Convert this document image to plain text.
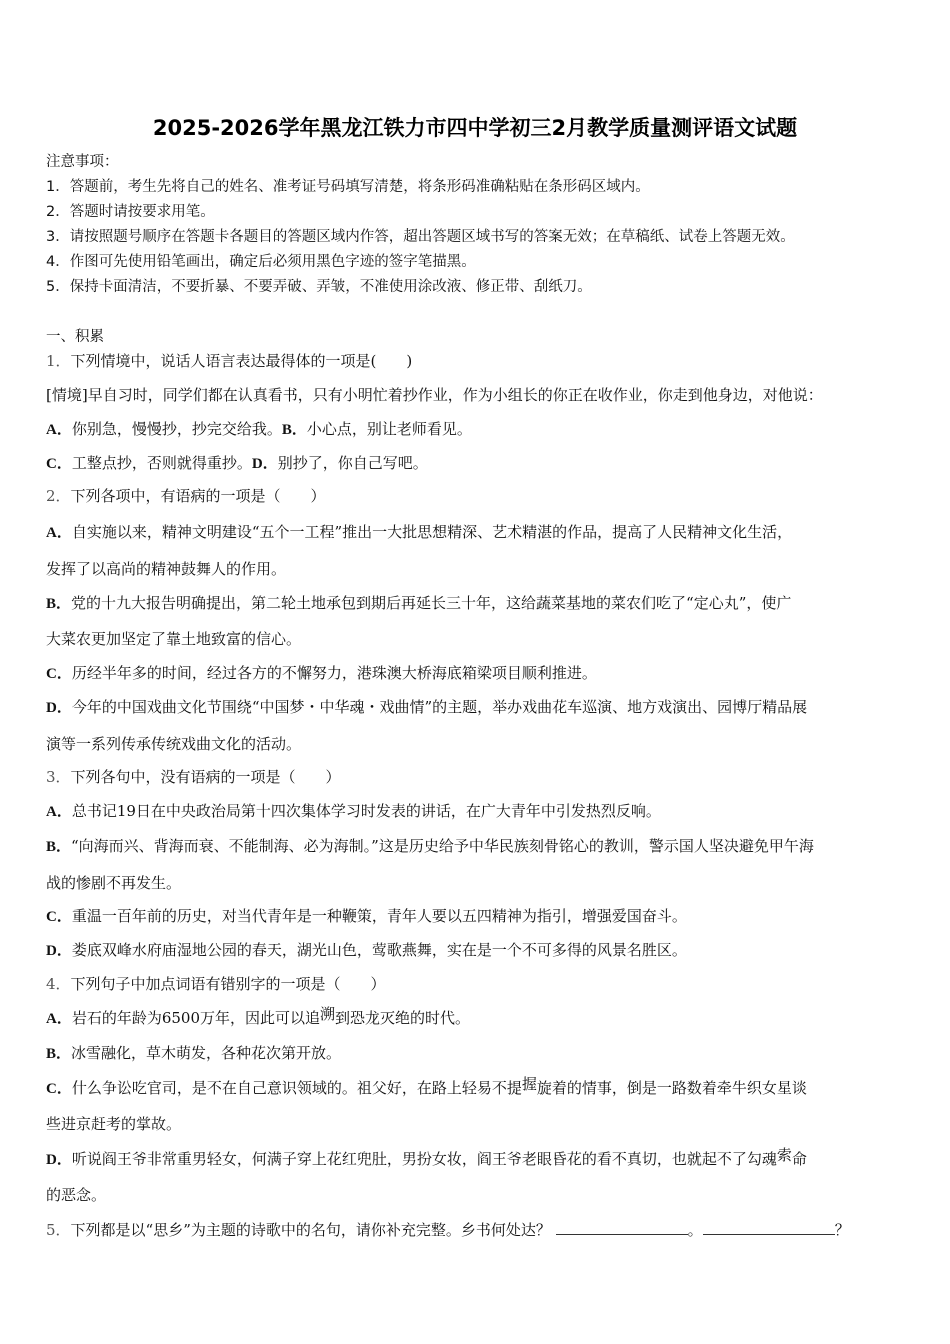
2025-2026学年黑龙江铁力市四中学初三2月教学质量测评语文试题
注意事项：
1．答题前，考生先将自己的姓名、准考证号码填写清楚，将条形码准确粘贴在条形码区域内。
2．答题时请按要求用笔。
3．请按照题号顺序在答题卡各题目的答题区域内作答，超出答题区域书写的答案无效；在草稿纸、试卷上答题无效。
4．作图可先使用铅笔画出，确定后必须用黑色字迹的签字笔描黑。
5．保持卡面清洁，不要折暴、不要弄破、弄皱，不准使用涂改液、修正带、刮纸刀。
一、积累
1．下列情境中，说话人语言表达最得体的一项是(　　)
[情境]早自习时，同学们都在认真看书，只有小明忙着抄作业，作为小组长的你正在收作业，你走到他身边，对他说：
A．你别急，慢慢抄，抄完交给我。B．小心点，别让老师看见。
C．工整点抄，否则就得重抄。D．别抄了，你自己写吧。
2．下列各项中，有语病的一项是（　　）
A．自实施以来，精神文明建设“五个一工程”推出一大批思想精深、艺术精湛的作品，提高了人民精神文化生活，
发挥了以高尚的精神鼓舞人的作用。
B．党的十九大报告明确提出，第二轮土地承包到期后再延长三十年，这给蔬菜基地的菜农们吃了“定心丸”，使广
大菜农更加坚定了靠土地致富的信心。
C．历经半年多的时间，经过各方的不懈努力，港珠澳大桥海底箱梁项目顺利推进。
D．今年的中国戏曲文化节围绕“中国梦・中华魂・戏曲情”的主题，举办戏曲花车巡演、地方戏演出、园博厅精品展
演等一系列传承传统戏曲文化的活动。
3．下列各句中，没有语病的一项是（　　）
A．总书记19日在中央政治局第十四次集体学习时发表的讲话，在广大青年中引发热烈反响。
B．“向海而兴、背海而衰、不能制海、必为海制。”这是历史给予中华民族刻骨铭心的教训，警示国人坚决避免甲午海
战的惨剧不再发生。
C．重温一百年前的历史，对当代青年是一种鞭策，青年人要以五四精神为指引，增强爱国奋斗。
D．娄底双峰水府庙湿地公园的春天，湖光山色，莺歌燕舞，实在是一个不可多得的风景名胜区。
4．下列句子中加点词语有错别字的一项是（　　）
A．岩石的年龄为6500万年，因此可以追溯到恐龙灭绝的时代。
B．冰雪融化，草木萌发，各种花次第开放。
C．什么争讼吃官司，是不在自己意识领域的。祖父好，在路上轻易不提握旋着的情事，倒是一路数着牵牛织女星谈
些进京赶考的掌故。
D．听说阎王爷非常重男轻女，何满子穿上花红兜肚，男扮女妆，阎王爷老眼昏花的看不真切，也就起不了勾魂索命
的恶念。
5．下列都是以“思乡”为主题的诗歌中的名句，请你补充完整。乡书何处达？	。	？
